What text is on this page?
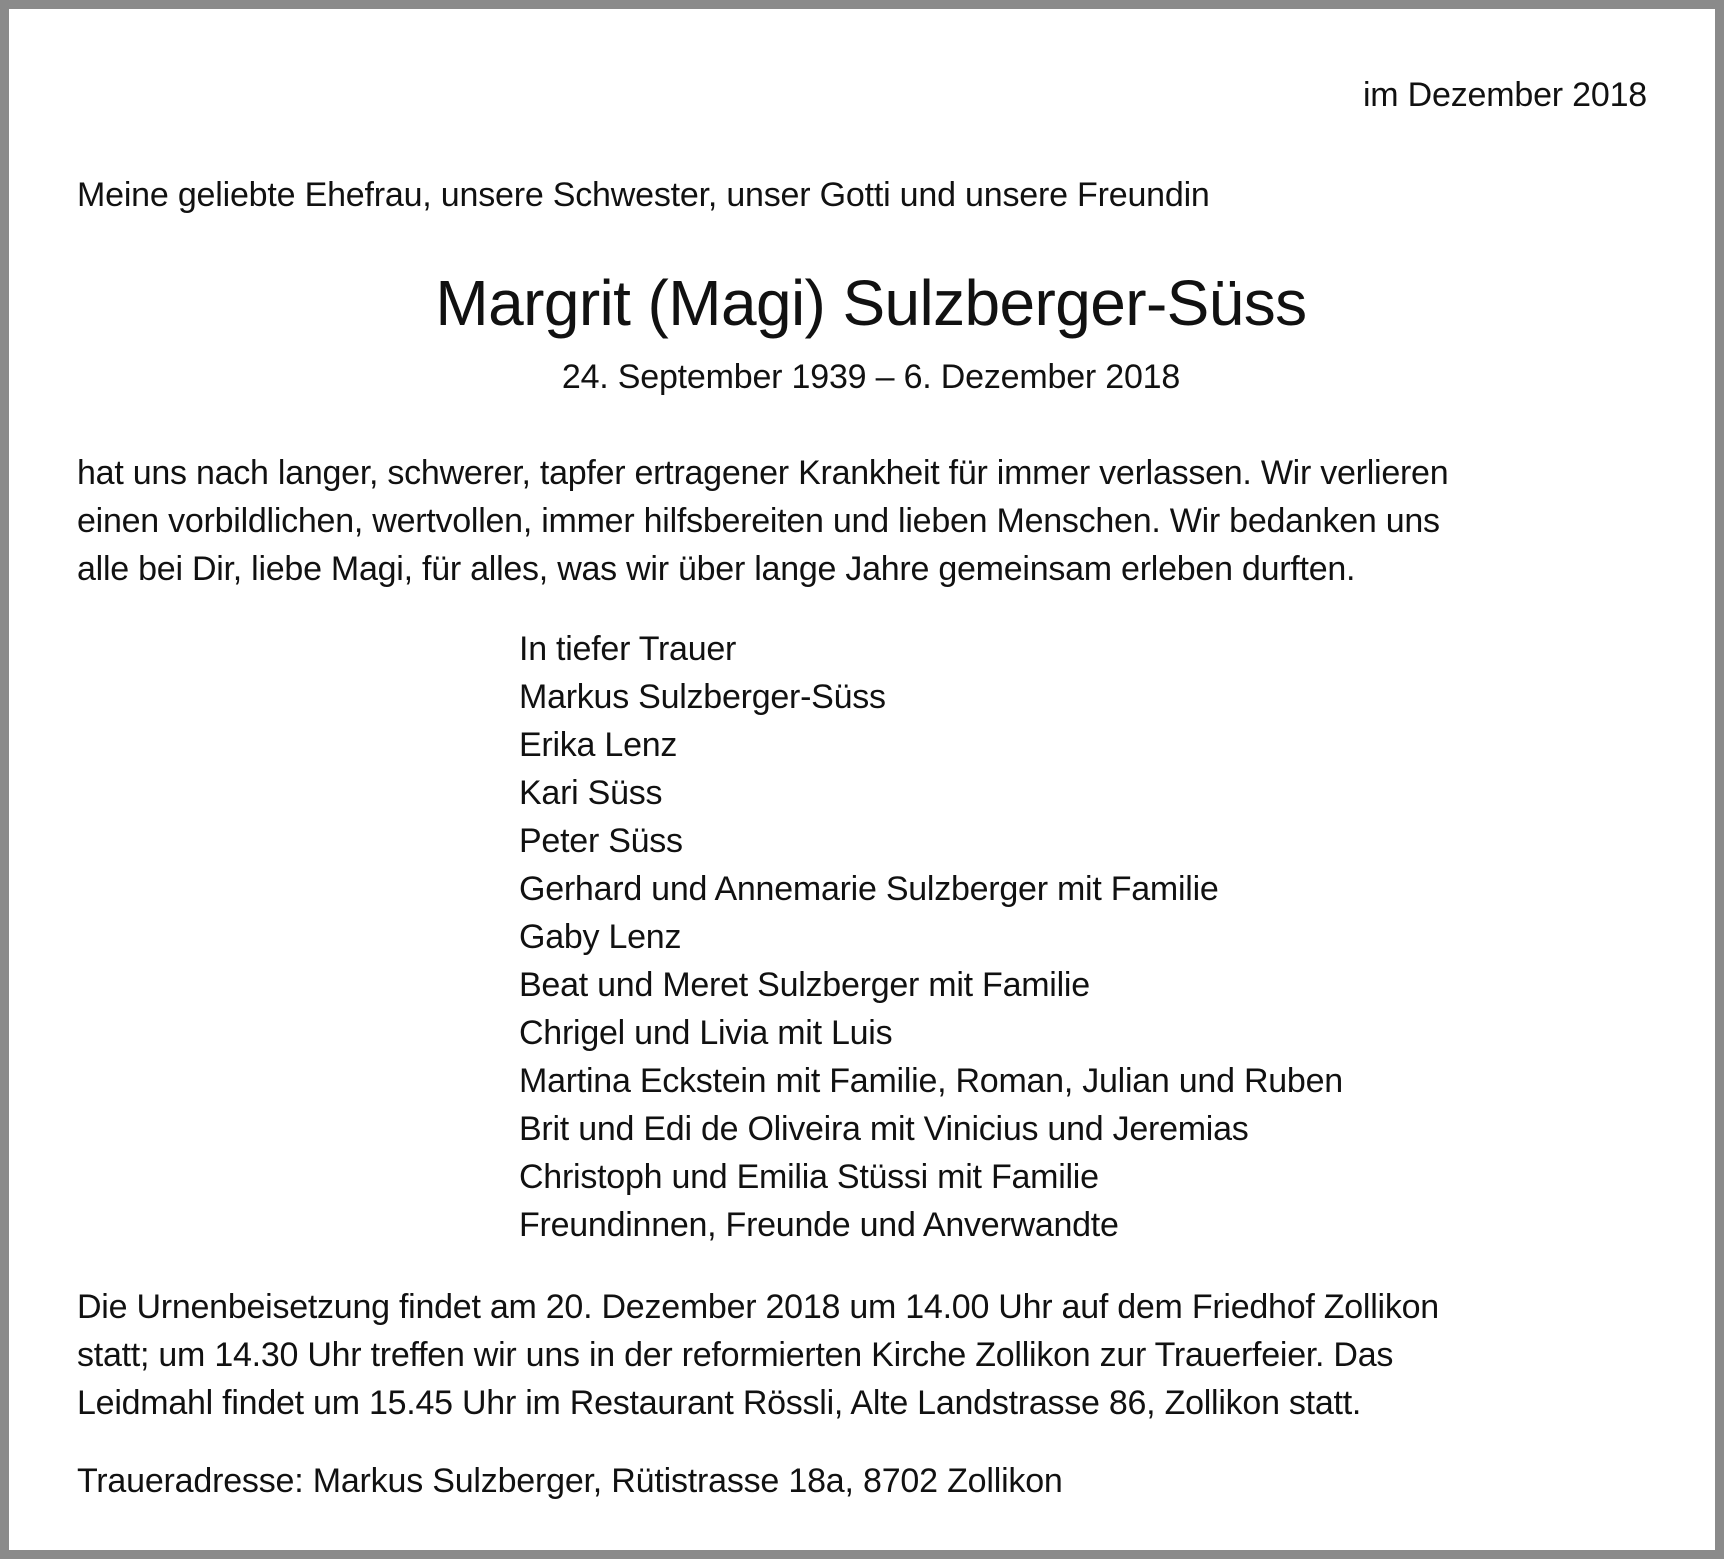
im Dezember 2018

Meine geliebte Ehefrau, unsere Schwester, unser Gotti und unsere Freundin

Margrit (Magi) Sulzberger-Süss

24. September 1939 – 6. Dezember 2018

hat uns nach langer, schwerer, tapfer ertragener Krankheit für immer verlassen. Wir verlieren
einen vorbildlichen, wertvollen, immer hilfsbereiten und lieben Menschen. Wir bedanken uns
alle bei Dir, liebe Magi, für alles, was wir über lange Jahre gemeinsam erleben durften.
In tiefer Trauer
Markus Sulzberger-Süss
Erika Lenz
Kari Süss
Peter Süss
Gerhard und Annemarie Sulzberger mit Familie
Gaby Lenz
Beat und Meret Sulzberger mit Familie
Chrigel und Livia mit Luis
Martina Eckstein mit Familie, Roman, Julian und Ruben
Brit und Edi de Oliveira mit Vinicius und Jeremias
Christoph und Emilia Stüssi mit Familie
Freundinnen, Freunde und Anverwandte
Die Urnenbeisetzung findet am 20. Dezember 2018 um 14.00 Uhr auf dem Friedhof Zollikon
statt; um 14.30 Uhr treffen wir uns in der reformierten Kirche Zollikon zur Trauerfeier. Das
Leidmahl findet um 15.45 Uhr im Restaurant Rössli, Alte Landstrasse 86, Zollikon statt.

Traueradresse: Markus Sulzberger, Rütistrasse 18a, 8702 Zollikon
